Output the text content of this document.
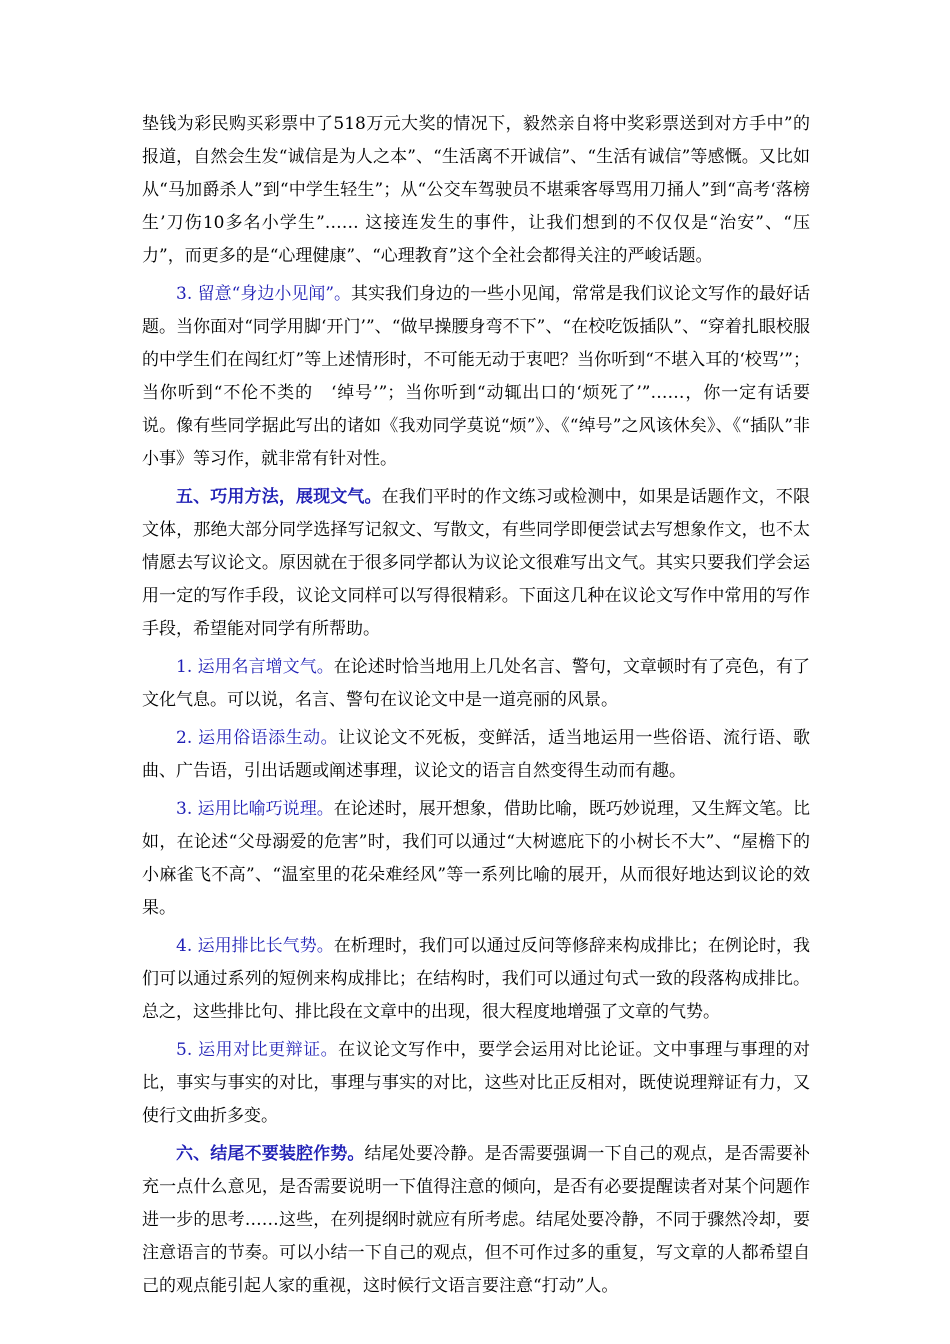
垫钱为彩民购买彩票中了518万元大奖的情况下，毅然亲自将中奖彩票送到对方手中”的报道，自然会生发“诚信是为人之本”、“生活离不开诚信”、“生活有诚信”等感慨。又比如从“马加爵杀人”到“中学生轻生”；从“公交车驾驶员不堪乘客辱骂用刀捅人”到“高考‘落榜生’刀伤10多名小学生”…… 这接连发生的事件，让我们想到的不仅仅是“治安”、“压力”，而更多的是“心理健康”、“心理教育”这个全社会都得关注的严峻话题。

3. 留意“身边小见闻”。其实我们身边的一些小见闻，常常是我们议论文写作的最好话题。当你面对“同学用脚‘开门’”、“做早操腰身弯不下”、“在校吃饭插队”、“穿着扎眼校服的中学生们在闯红灯”等上述情形时，不可能无动于衷吧？当你听到“不堪入耳的‘校骂’”；当你听到“不伦不类的　‘绰号’”；当你听到“动辄出口的‘烦死了’”……，你一定有话要说。像有些同学据此写出的诸如《我劝同学莫说“烦”》、《“绰号”之风该休矣》、《“插队”非小事》等习作，就非常有针对性。

五、巧用方法，展现文气。在我们平时的作文练习或检测中，如果是话题作文，不限文体，那绝大部分同学选择写记叙文、写散文，有些同学即便尝试去写想象作文，也不太情愿去写议论文。原因就在于很多同学都认为议论文很难写出文气。其实只要我们学会运用一定的写作手段，议论文同样可以写得很精彩。下面这几种在议论文写作中常用的写作手段，希望能对同学有所帮助。

1. 运用名言增文气。在论述时恰当地用上几处名言、警句，文章顿时有了亮色，有了文化气息。可以说，名言、警句在议论文中是一道亮丽的风景。

2. 运用俗语添生动。让议论文不死板，变鲜活，适当地运用一些俗语、流行语、歌曲、广告语，引出话题或阐述事理，议论文的语言自然变得生动而有趣。

3. 运用比喻巧说理。在论述时，展开想象，借助比喻，既巧妙说理，又生辉文笔。比如，在论述“父母溺爱的危害”时，我们可以通过“大树遮庇下的小树长不大”、“屋檐下的小麻雀飞不高”、“温室里的花朵难经风”等一系列比喻的展开，从而很好地达到议论的效果。

4. 运用排比长气势。在析理时，我们可以通过反问等修辞来构成排比；在例论时，我们可以通过系列的短例来构成排比；在结构时，我们可以通过句式一致的段落构成排比。总之，这些排比句、排比段在文章中的出现，很大程度地增强了文章的气势。

5. 运用对比更辩证。在议论文写作中，要学会运用对比论证。文中事理与事理的对比，事实与事实的对比，事理与事实的对比，这些对比正反相对，既使说理辩证有力，又使行文曲折多变。

六、结尾不要装腔作势。结尾处要冷静。是否需要强调一下自己的观点，是否需要补充一点什么意见，是否需要说明一下值得注意的倾向，是否有必要提醒读者对某个问题作进一步的思考……这些，在列提纲时就应有所考虑。结尾处要冷静，不同于骤然冷却，要注意语言的节奏。可以小结一下自己的观点，但不可作过多的重复，写文章的人都希望自己的观点能引起人家的重视，这时候行文语言要注意“打动”人。
